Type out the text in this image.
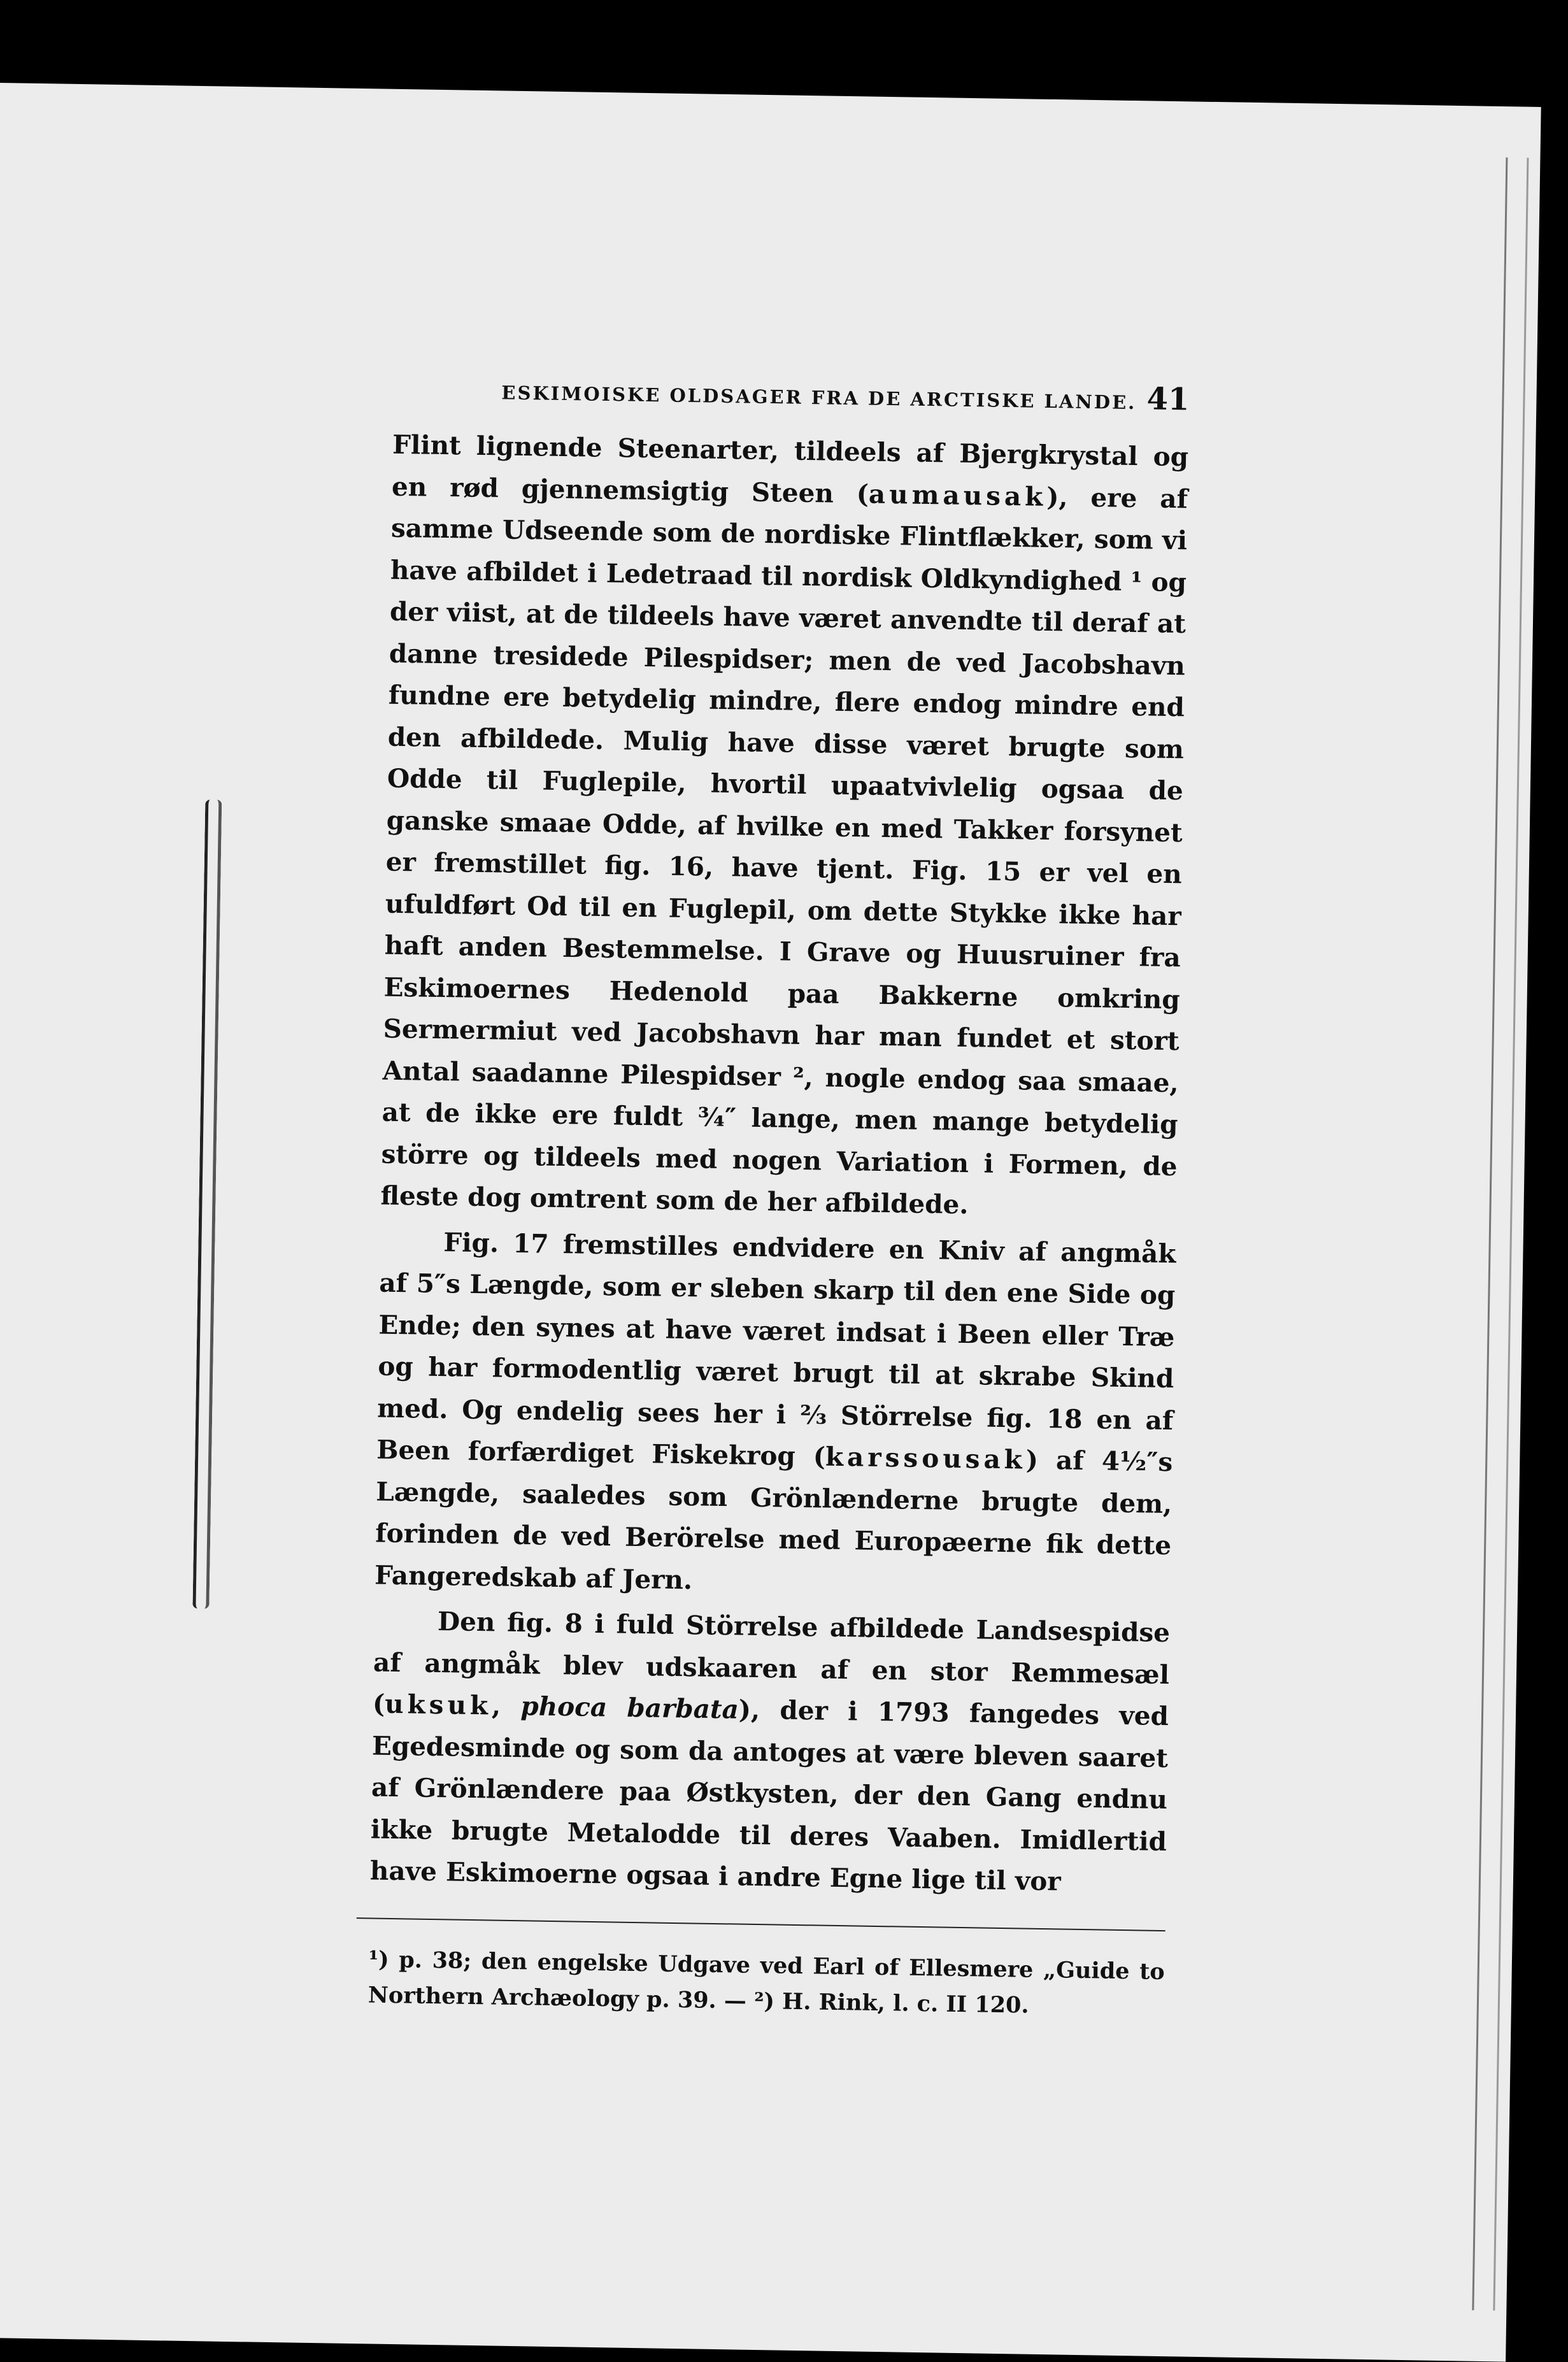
ESKIMOISKE OLDSAGER FRA DE ARCTISKE LANDE. 41

Flint lignende Steenarter, tildeels af Bjergkrystal og en rød gjennemsigtig Steen (aumausak), ere af samme Udseende som de nordiske Flintflækker, som vi have afbildet i Ledetraad til nordisk Oldkyndighed ¹ og der viist, at de tildeels have været anvendte til deraf at danne tresidede Pilespidser; men de ved Jacobshavn fundne ere betydelig mindre, flere endog mindre end den afbildede. Mulig have disse været brugte som Odde til Fuglepile, hvortil upaatvivlelig ogsaa de ganske smaae Odde, af hvilke en med Takker forsynet er fremstillet fig. 16, have tjent. Fig. 15 er vel en ufuldført Od til en Fuglepil, om dette Stykke ikke har haft anden Bestemmelse. I Grave og Huusruiner fra Eskimoernes Hedenold paa Bakkerne omkring Sermermiut ved Jacobshavn har man fundet et stort Antal saadanne Pilespidser ², nogle endog saa smaae, at de ikke ere fuldt ¾″ lange, men mange betydelig större og tildeels med nogen Variation i Formen, de fleste dog omtrent som de her afbildede.

Fig. 17 fremstilles endvidere en Kniv af angmåk af 5″s Længde, som er sleben skarp til den ene Side og Ende; den synes at have været indsat i Been eller Træ og har formodentlig været brugt til at skrabe Skind med. Og endelig sees her i ⅔ Störrelse fig. 18 en af Been forfærdiget Fiskekrog (karssousak) af 4½″s Længde, saaledes som Grönlænderne brugte dem, forinden de ved Berörelse med Europæerne fik dette Fangeredskab af Jern.

Den fig. 8 i fuld Störrelse afbildede Landsespidse af angmåk blev udskaaren af en stor Remmesæl (uksuk, phoca barbata), der i 1793 fangedes ved Egedesminde og som da antoges at være bleven saaret af Grönlændere paa Østkysten, der den Gang endnu ikke brugte Metalodde til deres Vaaben. Imidlertid have Eskimoerne ogsaa i andre Egne lige til vor

¹) p. 38; den engelske Udgave ved Earl of Ellesmere „Guide to Northern Archæology p. 39. — ²) H. Rink, l. c. II 120.
